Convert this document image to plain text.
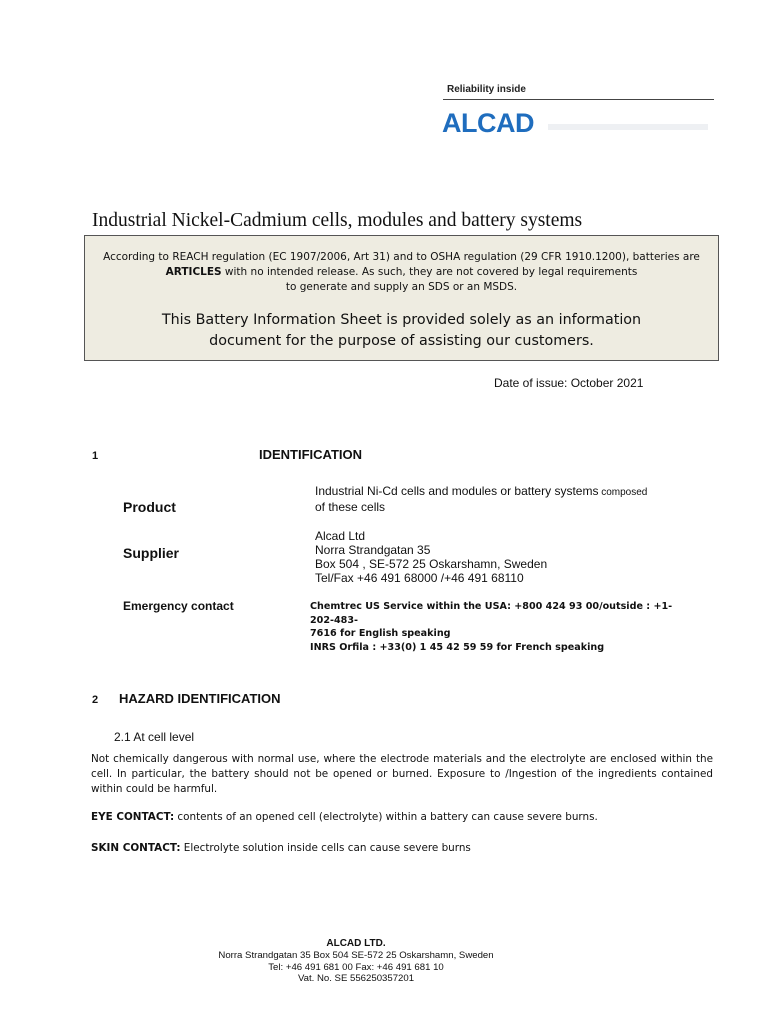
Reliability inside
ALCAD
Industrial Nickel-Cadmium cells, modules and battery systems
According to REACH regulation (EC 1907/2006, Art 31) and to OSHA regulation (29 CFR 1910.1200), batteries are
ARTICLES with no intended release. As such, they are not covered by legal requirements
to generate and supply an SDS or an MSDS.
This Battery Information Sheet is provided solely as an information
document for the purpose of assisting our customers.
Date of issue: October 2021
1	IDENTIFICATION
Product
Industrial Ni-Cd cells and modules or battery systems composed
of these cells
Supplier
Alcad Ltd
Norra Strandgatan 35
Box 504 , SE-572 25 Oskarshamn, Sweden
Tel/Fax +46 491 68000 /+46 491 68110
Emergency contact	Chemtrec US Service within the USA: +800 424 93 00/outside : +1-202-483-
7616 for English speaking
INRS Orfila : +33(0) 1 45 42 59 59 for French speaking
2 HAZARD IDENTIFICATION
2.1 At cell level
Not chemically dangerous with normal use, where the electrode materials and the electrolyte are enclosed within the cell. In particular, the battery should not be opened or burned. Exposure to /Ingestion of the ingredients contained within could be harmful.
EYE CONTACT: contents of an opened cell (electrolyte) within a battery can cause severe burns.
SKIN CONTACT: Electrolyte solution inside cells can cause severe burns
ALCAD LTD.
Norra Strandgatan 35 Box 504 SE-572 25 Oskarshamn, Sweden
Tel: +46 491 681 00 Fax: +46 491 681 10
Vat. No. SE 556250357201
